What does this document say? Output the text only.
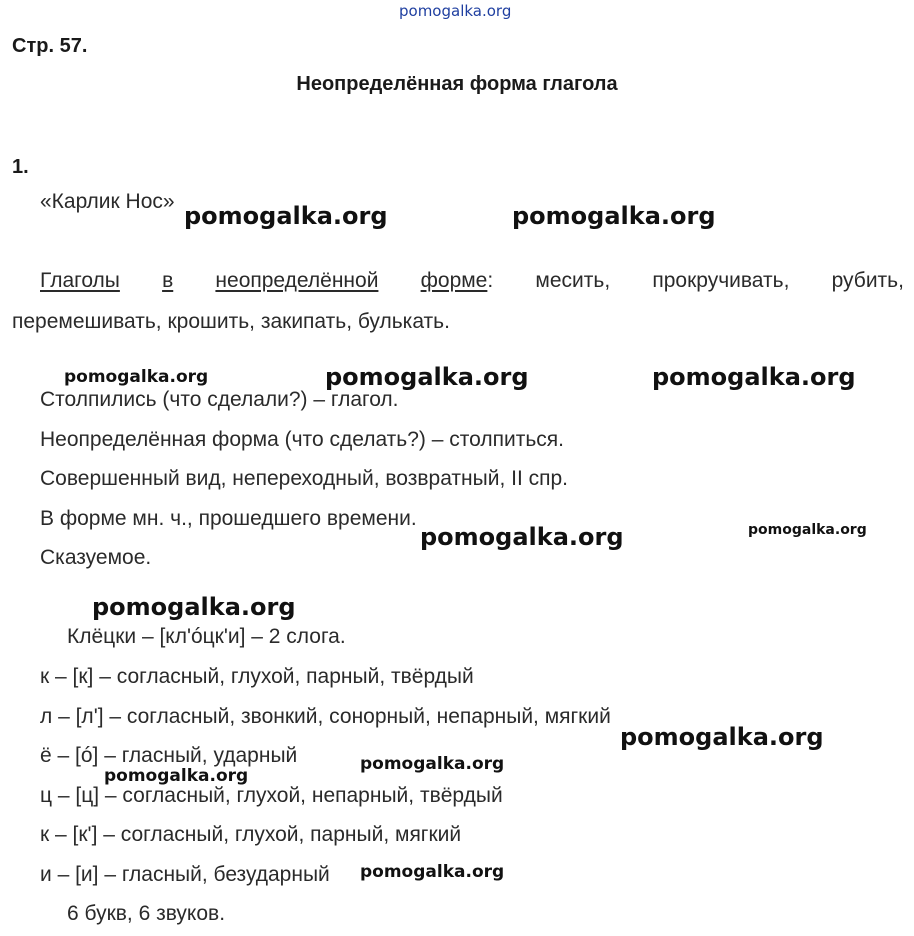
pomogalka.org
Стр. 57.
Неопределённая форма глагола
1.
«Карлик Нос»
Глаголы в неопределённой форме: месить, прокручивать, рубить,
перемешивать, крошить, закипать, булькать.
Столпились (что сделали?) – глагол.
Неопределённая форма (что сделать?) – столпиться.
Совершенный вид, непереходный, возвратный, II спр.
В форме мн. ч., прошедшего времени.
Сказуемое.
Клёцки – [кл'óцк'и] – 2 слога.
к – [к] – согласный, глухой, парный, твёрдый
л – [л'] – согласный, звонкий, сонорный, непарный, мягкий
ё – [ó] – гласный, ударный
ц – [ц] – согласный, глухой, непарный, твёрдый
к – [к'] – согласный, глухой, парный, мягкий
и – [и] – гласный, безударный
6 букв, 6 звуков.
pomogalka.org	pomogalka.org
pomogalka.org	pomogalka.org	pomogalka.org
pomogalka.org	pomogalka.org
pomogalka.org
pomogalka.org
pomogalka.org
pomogalka.org
pomogalka.org
